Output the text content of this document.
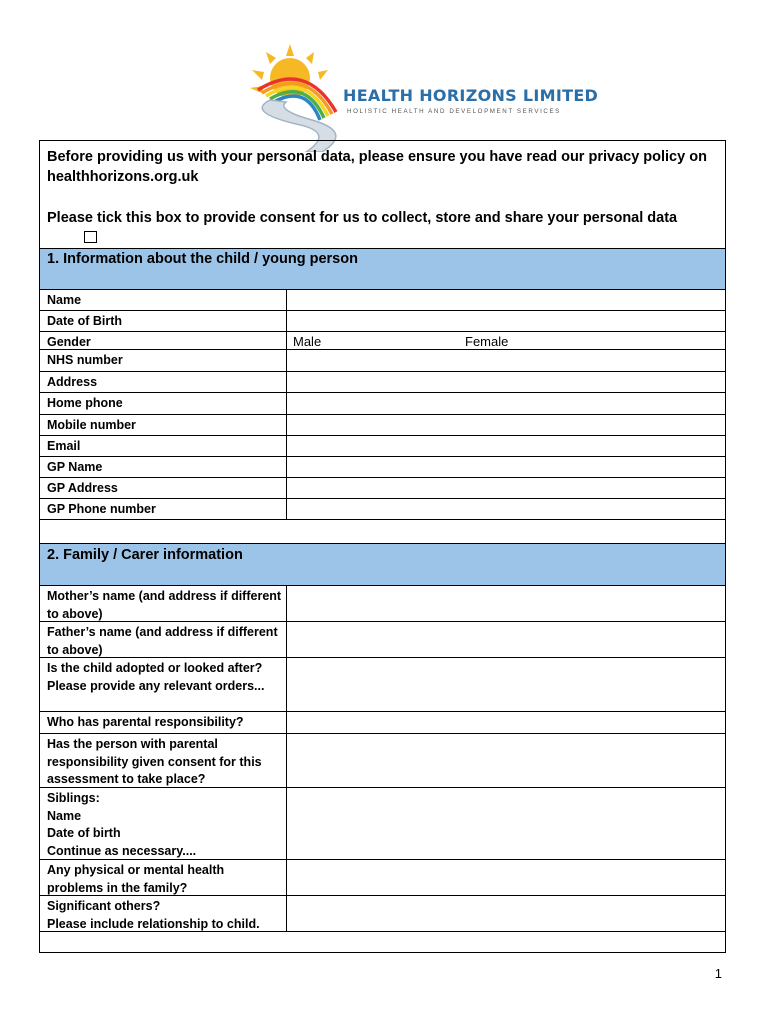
HEALTH HORIZONS LIMITED
HOLISTIC HEALTH AND DEVELOPMENT SERVICES

Before providing us with your personal data, please ensure you have read our privacy policy on healthhorizons.org.uk

Please tick this box to provide consent for us to collect, store and share your personal data

1. Information about the child / young person
Name
Date of Birth
Gender	Male	Female
NHS number
Address
Home phone
Mobile number
Email
GP Name
GP Address
GP Phone number
2. Family / Carer information
Mother’s name (and address if different to above)
Father’s name (and address if different to above)
Is the child adopted or looked after? Please provide any relevant orders...
Who has parental responsibility?
Has the person with parental responsibility given consent for this assessment to take place?
Siblings:
Name
Date of birth
Continue as necessary....
Any physical or mental health problems in the family?
Significant others?
Please include relationship to child.
1
